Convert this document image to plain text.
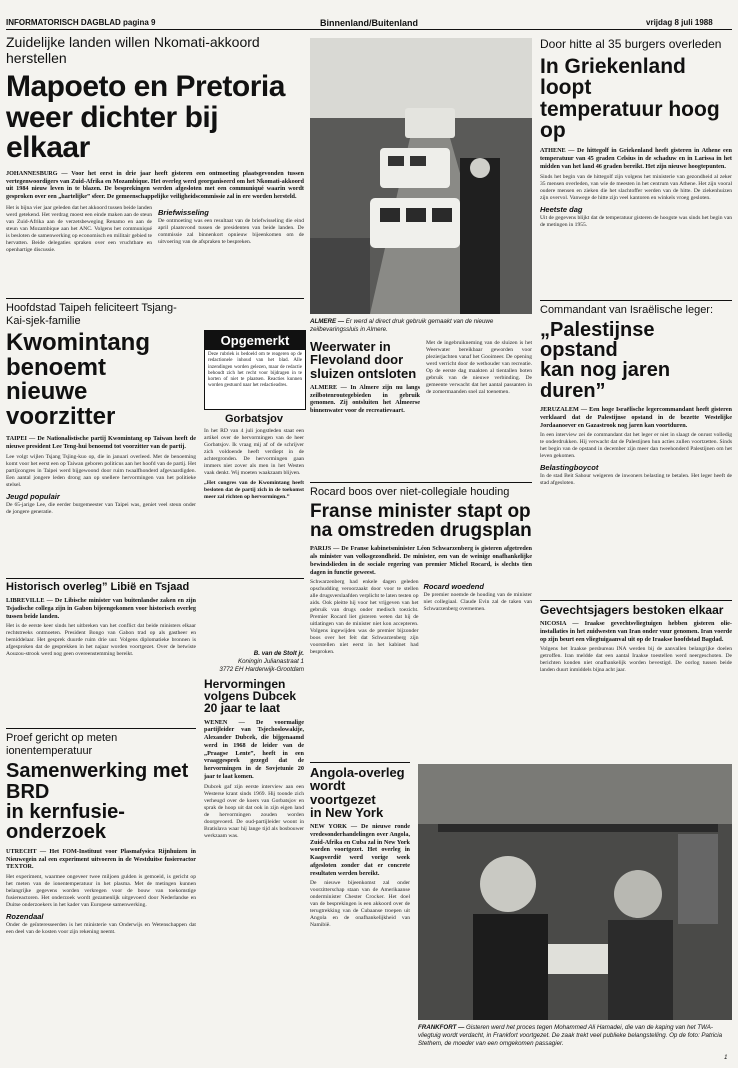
INFORMATORISCH DAGBLAD pagina 9	Binnenland/Buitenland	vrijdag 8 juli 1988
Zuidelijke landen willen Nkomati-akkoord herstellen
Mapoeto en Pretoria
weer dichter bij elkaar
JOHANNESBURG — Voor het eerst in drie jaar heeft gisteren een ontmoeting plaatsgevonden tussen vertegenwoordigers van Zuid-Afrika en Mozambique. Het overleg werd georganiseerd om het Nkomati-akkoord uit 1984 nieuw leven in te blazen. De besprekingen werden afgesloten met een communiqué waarin wordt gesproken over een „hartelijke” sfeer. De gemeenschappelijke veiligheidscommissie zal in ere worden hersteld.
Het is bijna vier jaar geleden dat het akkoord tussen beide landen werd getekend. Het verdrag moest een einde maken aan de steun van Zuid-Afrika aan de verzetsbeweging Renamo en aan de steun van Mozambique aan het ANC. Volgens het communiqué is besloten de samenwerking op economisch en militair gebied te hervatten. Beide delegaties spraken over een vruchtbare en openhartige discussie.
Briefwisseling
De ontmoeting was een resultaat van de briefwisseling die eind april plaatsvond tussen de presidenten van beide landen. De commissie zal binnenkort opnieuw bijeenkomen om de uitvoering van de afspraken te bespreken.
ALMERE — Er werd al direct druk gebruik gemaakt van de nieuwe zeilbevaringssluis in Almere.
Door hitte al 35 burgers overleden
In Griekenland loopt
temperatuur hoog op
ATHENE — De hittegolf in Griekenland heeft gisteren in Athene een temperatuur van 45 graden Celsius in de schaduw en in Larissa in het midden van het land 46 graden bereikt. Het zijn nieuwe hoogtepunten.
Sinds het begin van de hittegolf zijn volgens het ministerie van gezondheid al zeker 35 mensen overleden, van wie de meesten in het centrum van Athene. Het zijn vooral oudere mensen en zieken die het slachtoffer werden van de hitte. De ziekenhuizen zijn overvol. Vanwege de hitte zijn veel kantoren en winkels vroeg gesloten.
Heetste dag
Uit de gegevens blijkt dat de temperatuur gisteren de hoogste was sinds het begin van de metingen in 1955.
Hoofdstad Taipeh feliciteert Tsjang-Kai-sjek-familie
Kwomintang benoemt
nieuwe voorzitter
TAIPEI — De Nationalistische partij Kwomintang op Taiwan heeft de nieuwe president Lee Teng-hui benoemd tot voorzitter van de partij.
Lee volgt wijlen Tsjang Tsjing-kuo op, die in januari overleed. Met de benoeming komt voor het eerst een op Taiwan geboren politicus aan het hoofd van de partij. Het partijcongres in Taipei werd bijgewoond door ruim twaalfhonderd afgevaardigden. Een aantal jongere leden drong aan op snellere hervormingen van het politieke stelsel.
Jeugd populair
De 65-jarige Lee, die eerder burgemeester van Taipei was, geniet veel steun onder de jongere generatie.
Opgemerkt
Deze rubriek is bedoeld om te reageren op de redactionele inhoud van het blad. Alle inzendingen worden gelezen, maar de redactie behoudt zich het recht voor bijdragen in te korten of niet te plaatsen. Reacties kunnen worden gestuurd naar het redactieadres.
Gorbatsjov
In het RD van 4 juli jongstleden staat een artikel over de hervormingen van de heer Gorbatsjov. Ik vraag mij af of de schrijver zich voldoende heeft verdiept in de achtergronden. De hervormingen gaan immers niet zover als men in het Westen vaak denkt. Wij moeten waakzaam blijven.
„Het congres van de Kwomintang heeft besloten dat de partij zich in de toekomst meer zal richten op hervormingen.”
Weerwater in
Flevoland door
sluizen ontsloten
ALMERE — In Almere zijn nu langs zeilbotenroutegebieden in gebruik genomen. Zij ontsluiten het Almeerse binnenwater voor de recreatievaart.
Met de ingebruikneming van de sluizen is het Weerwater bereikbaar geworden voor plezierjachten vanaf het Gooimeer. De opening werd verricht door de wethouder van recreatie. Op de eerste dag maakten al tientallen boten gebruik van de nieuwe verbinding. De gemeente verwacht dat het aantal passanten in de zomermaanden snel zal toenemen.
Commandant van Israëlische leger:
„Palestijnse opstand
kan nog jaren duren”
JERUZALEM — Een hoge Israëlische legercommandant heeft gisteren verklaard dat de Palestijnse opstand in de bezette Westelijke Jordaanoever en Gazastrook nog jaren kan voortduren.
In een interview zei de commandant dat het leger er niet in slaagt de onrust volledig te onderdrukken. Hij verwacht dat de Palestijnen hun acties zullen voortzetten. Sinds het begin van de opstand in december zijn meer dan tweehonderd Palestijnen om het leven gekomen.
Belastingboycot
In de stad Beit Sahour weigeren de inwoners belasting te betalen. Het leger heeft de stad afgesloten.
Rocard boos over niet-collegiale houding
Franse minister stapt op
na omstreden drugsplan
PARIJS — De Franse kabinetsminister Léon Schwarzenberg is gisteren afgetreden als minister van volksgezondheid. De minister, een van de weinige onafhankelijke bewindslieden in de sociale regering van premier Michel Rocard, is slechts tien dagen in functie geweest.
Schwarzenberg had enkele dagen geleden opschudding veroorzaakt door voor te stellen alle drugsverslaafden verplicht te laten testen op aids. Ook pleitte hij voor het vrijgeven van het gebruik van drugs onder medisch toezicht. Premier Rocard liet gisteren weten dat hij de uitlatingen van de minister niet kon accepteren. Volgens ingewijden was de premier bijzonder boos over het feit dat Schwarzenberg zijn voorstellen niet eerst in het kabinet had besproken.
Rocard woedend
De premier noemde de houding van de minister niet collegiaal. Claude Evin zal de taken van Schwarzenberg overnemen.
Historisch overleg” Libië en Tsjaad
LIBREVILLE — De Libische minister van buitenlandse zaken en zijn Tsjadische collega zijn in Gabon bijeengekomen voor historisch overleg tussen beide landen.
Het is de eerste keer sinds het uitbreken van het conflict dat beide ministers elkaar rechtstreeks ontmoeten. President Bongo van Gabon trad op als gastheer en bemiddelaar. Het gesprek duurde ruim drie uur. Volgens diplomatieke bronnen is afgesproken dat de gesprekken in het najaar worden voortgezet. Over de betwiste Aouzou-strook werd nog geen overeenstemming bereikt.	B. van de Stolt jr.
Koningin Julianastraat 1
3772 EH Harderwijk-Grootdam
Hervormingen
volgens Dubcek
20 jaar te laat
WENEN — De voormalige partijleider van Tsjechoslowakije, Alexander Dubcek, die bijgenaamd werd in 1968 de leider van de „Praagse Lente”, heeft in een vraaggesprek gezegd dat de hervormingen in de Sovjetunie 20 jaar te laat komen.
Dubcek gaf zijn eerste interview aan een Westerse krant sinds 1969. Hij toonde zich verheugd over de koers van Gorbatsjov en sprak de hoop uit dat ook in zijn eigen land de hervormingen zouden worden doorgevoerd. De oud-partijleider woont in Bratislava waar hij lange tijd als bosbouwer werkzaam was.
Gevechtsjagers bestoken elkaar
NICOSIA — Iraakse gevechtsvliegtuigen hebben gisteren olie-installaties in het zuidwesten van Iran onder vuur genomen. Iran voerde op zijn beurt een vliegtuigaanval uit op de Iraakse hoofdstad Bagdad.
Volgens het Iraakse persbureau INA werden bij de aanvallen belangrijke doelen getroffen. Iran meldde dat een aantal Iraakse toestellen werd neergeschoten. De berichten konden niet onafhankelijk worden bevestigd. De oorlog tussen beide landen duurt inmiddels bijna acht jaar.
Proef gericht op meten ionentemperatuur
Samenwerking met BRD
in kernfusie-onderzoek
UTRECHT — Het FOM-Instituut voor Plasmafysica Rijnhuizen in Nieuwegein zal een experiment uitvoeren in de Westduitse fusiereactor TEXTOR.
Het experiment, waarmee ongeveer twee miljoen gulden is gemoeid, is gericht op het meten van de ionentemperatuur in het plasma. Met de metingen kunnen belangrijke gegevens worden verkregen voor de bouw van toekomstige fusiereactoren. Het onderzoek wordt gezamenlijk uitgevoerd door Nederlandse en Duitse onderzoekers in het kader van Europese samenwerking.
Rozendaal
Onder de geïnteresseerden is het ministerie van Onderwijs en Wetenschappen dat een deel van de kosten voor zijn rekening neemt.
Angola-overleg
wordt voortgezet
in New York
NEW YORK — De nieuwe ronde vredesonderhandelingen over Angola, Zuid-Afrika en Cuba zal in New York worden voortgezet. Het overleg in Kaapverdië werd vorige week afgesloten zonder dat er concrete resultaten werden bereikt.
De nieuwe bijeenkomst zal onder voorzitterschap staan van de Amerikaanse onderminister Chester Crocker. Het doel van de besprekingen is een akkoord over de terugtrekking van de Cubaanse troepen uit Angola en de onafhankelijkheid van Namibië.
FRANKFORT — Gisteren werd het proces tegen Mohammed Ali Hamadei, die van de kaping van het TWA-vliegtuig wordt verdacht, in Frankfort voortgezet. De zaak trekt veel publieke belangstelling. Op de foto: Patricia Stethem, de moeder van een omgekomen passagier.
1
